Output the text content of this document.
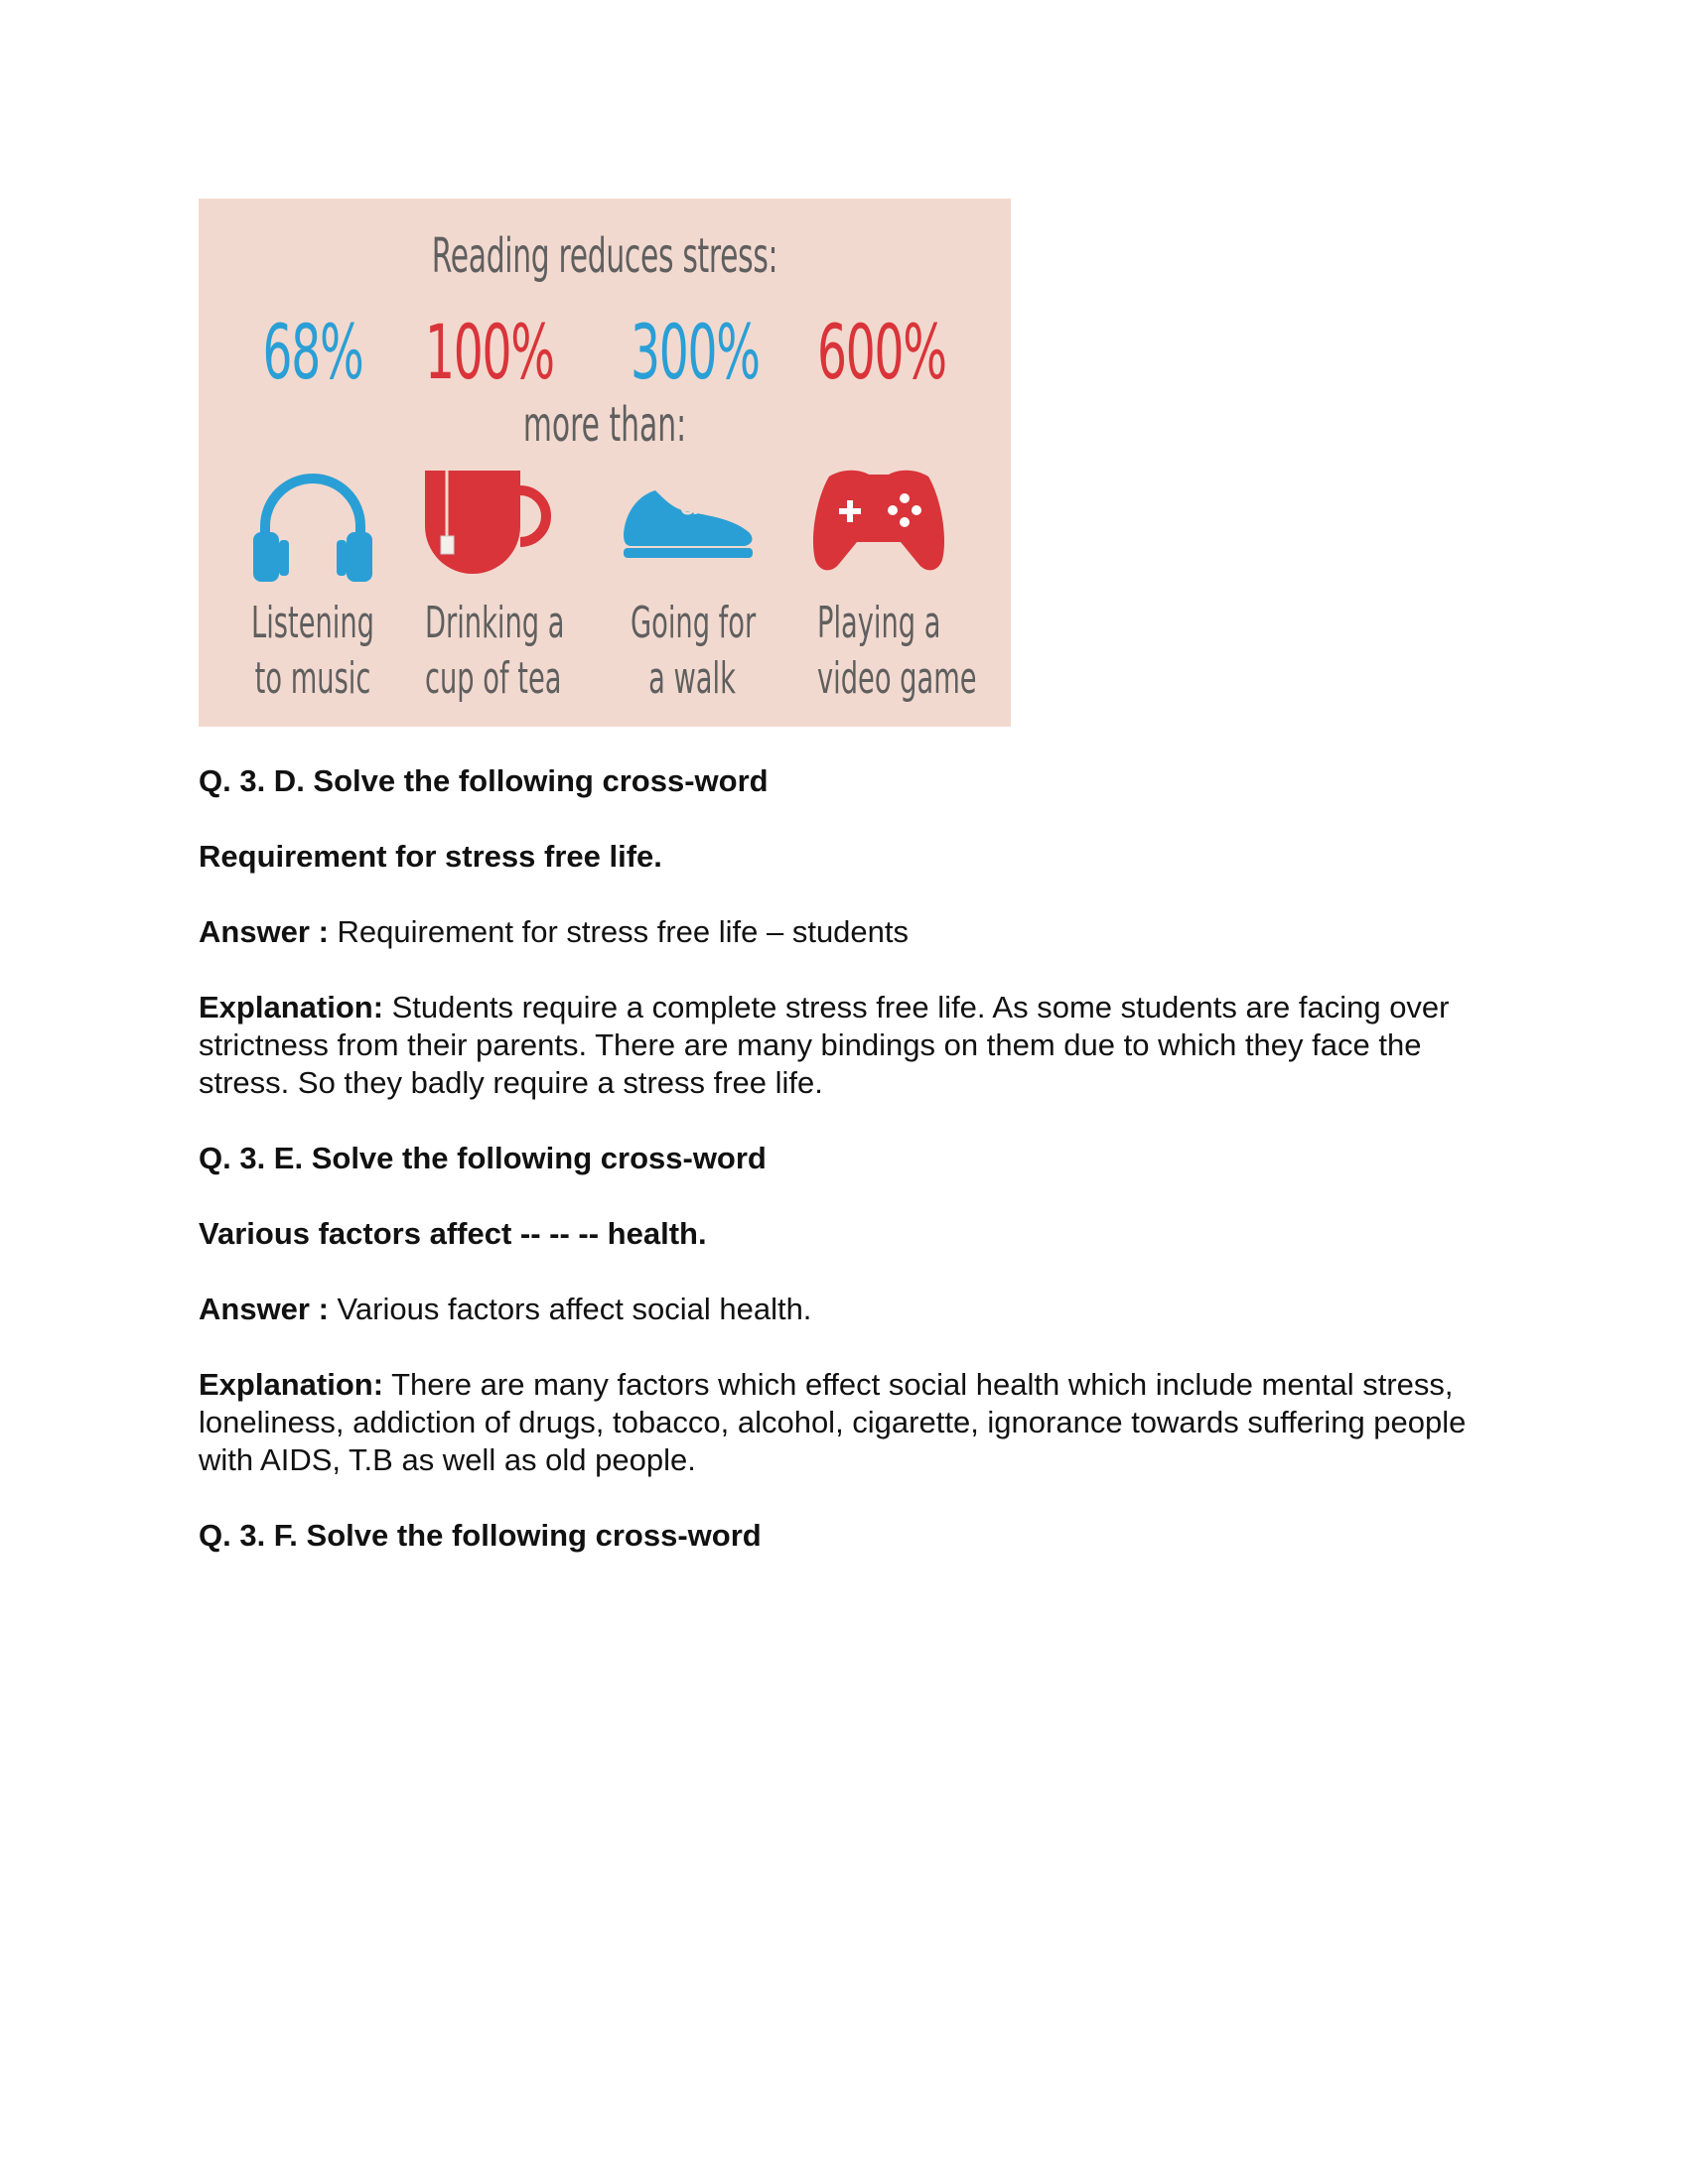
Reading reduces stress:
68%
Listening
to music
100%
Drinking a
cup of tea
300%
a
Going for
a walk
600%
Playing a
video game
more than:

Q. 3. D. Solve the following cross-word

Requirement for stress free life.

Answer : Requirement for stress free life – students

Explanation: Students require a complete stress free life. As some students are facing over strictness from their parents. There are many bindings on them due to which they face the stress. So they badly require a stress free life.

Q. 3. E. Solve the following cross-word

Various factors affect -- -- -- health.

Answer : Various factors affect social health.

Explanation: There are many factors which effect social health which include mental stress, loneliness, addiction of drugs, tobacco, alcohol, cigarette, ignorance towards suffering people with AIDS, T.B as well as old people.

Q. 3. F. Solve the following cross-word
